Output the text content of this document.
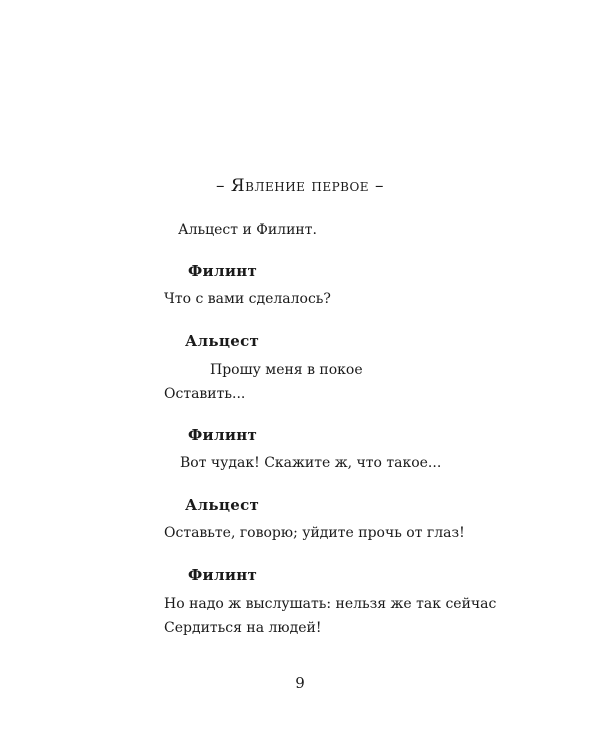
– Явление первое –
Альцест и Филинт.
Филинт
Что с вами сделалось?
Альцест
Прошу меня в покое
Оставить...
Филинт
Вот чудак! Скажите ж, что такое...
Альцест
Оставьте, говорю; уйдите прочь от глаз!
Филинт
Но надо ж выслушать: нельзя же так сейчас
Сердиться на людей!
9
